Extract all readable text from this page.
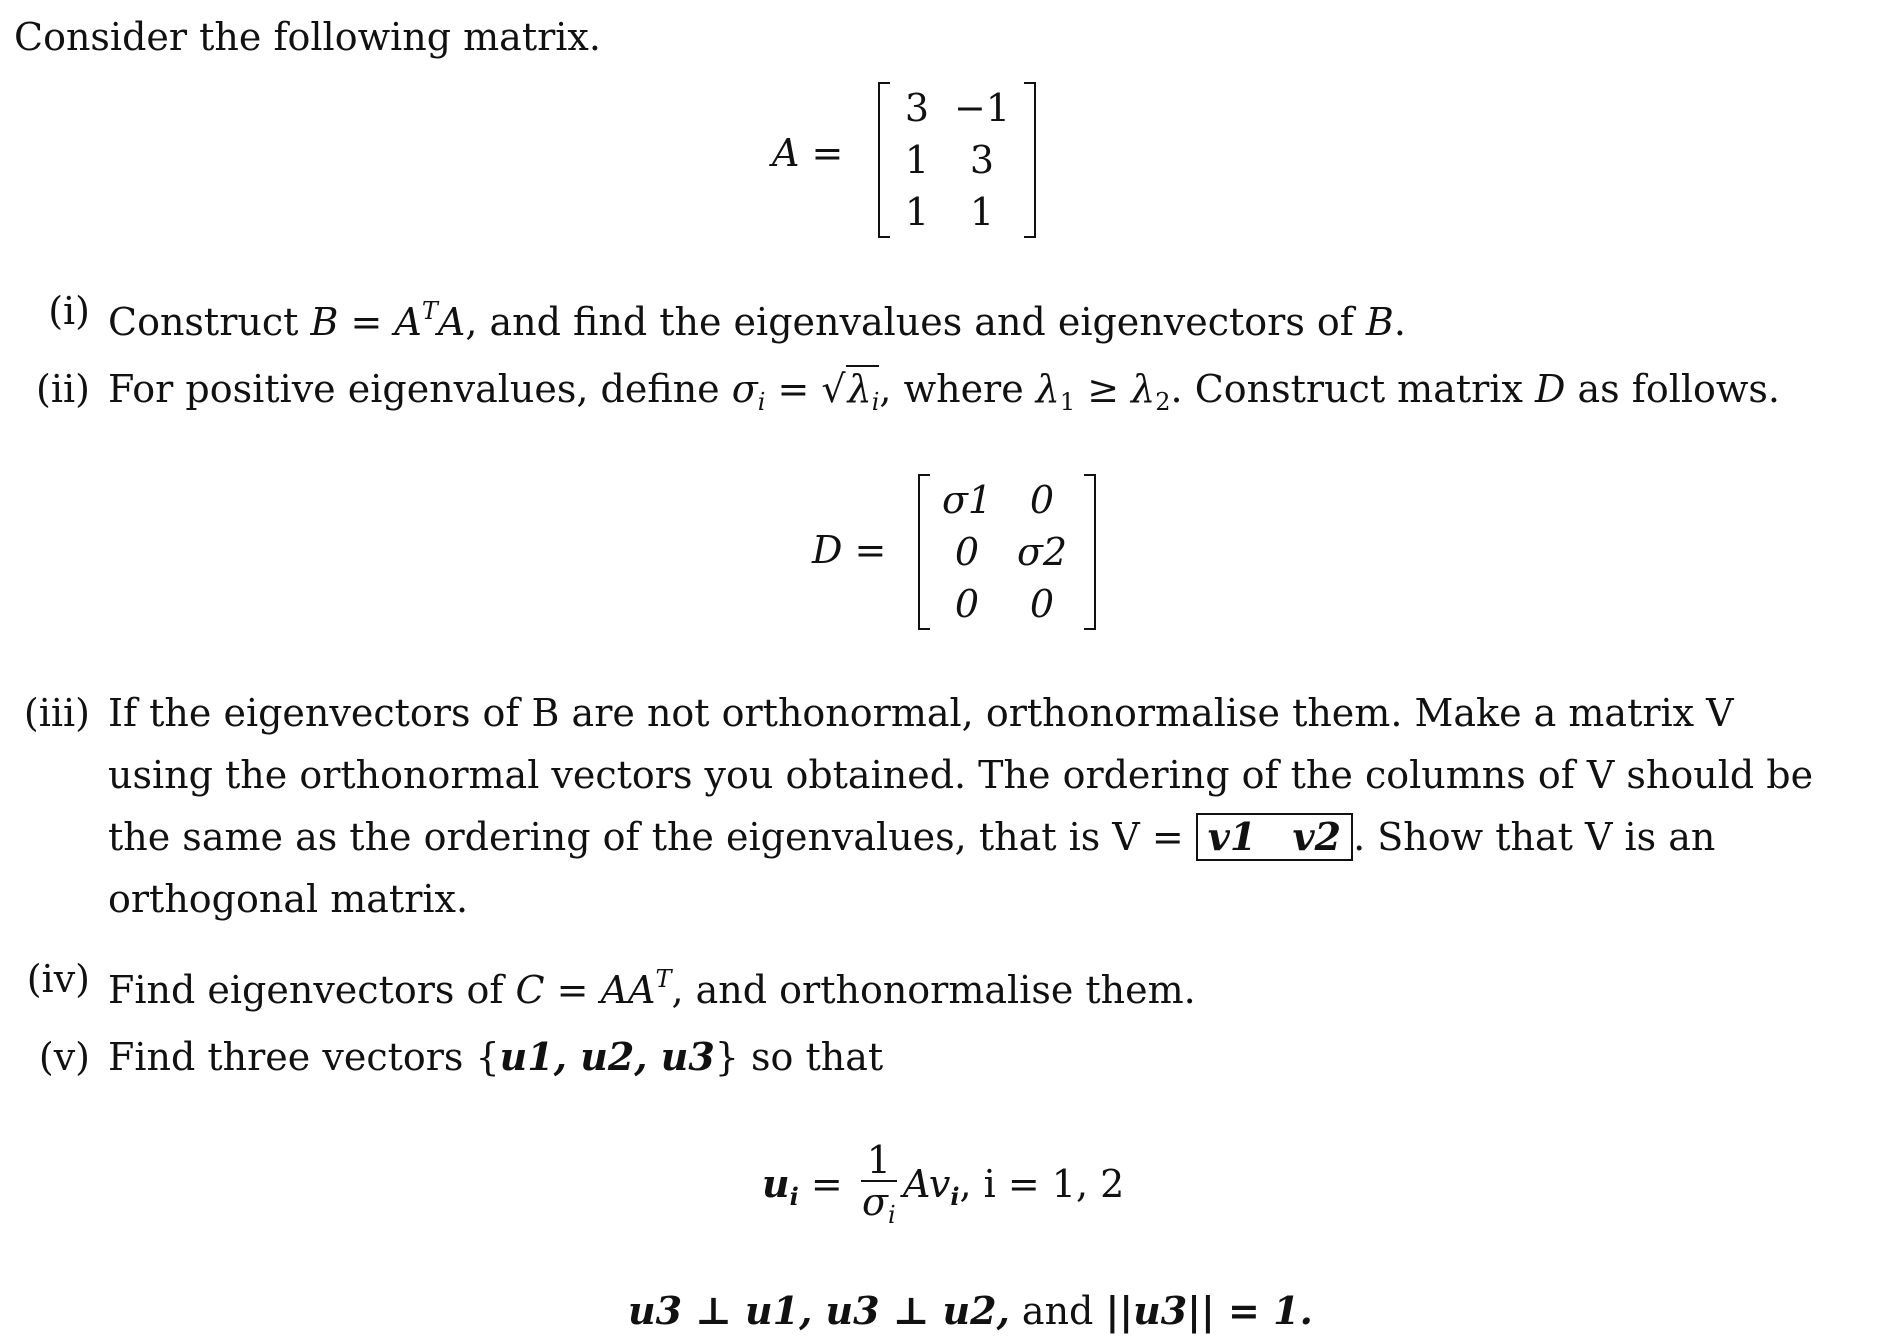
Consider the following matrix.
A =
3 −1
1	3
1	1
(i) Construct $B = A^TA$, and find the eigenvalues and eigenvectors of B.
(ii) For positive eigenvalues, define $\sigma_i = √\lambda_i$, where $\lambda_1 \ge \lambda_2$. Construct matrix D as follows.
D =
σ1 0
0 σ2
0	0
(iii) If the eigenvectors of B are not orthonormal, orthonormalise them. Make a matrix V
using the orthonormal vectors you obtained. The ordering of the columns of V should be
the same as the ordering of the eigenvalues, that is V = v1 v2 . Show that V is an
orthogonal matrix.
(iv) Find eigenvectors of $C = AA^T$, and orthonormalise them.
(v) Find three vectors {u1, u2, u3} so that
$u_i = \frac{1}{\sigma_i} Av_i$, i = 1, 2
u3 ⊥ u1, u3 ⊥ u2, and ||u3|| = 1.
